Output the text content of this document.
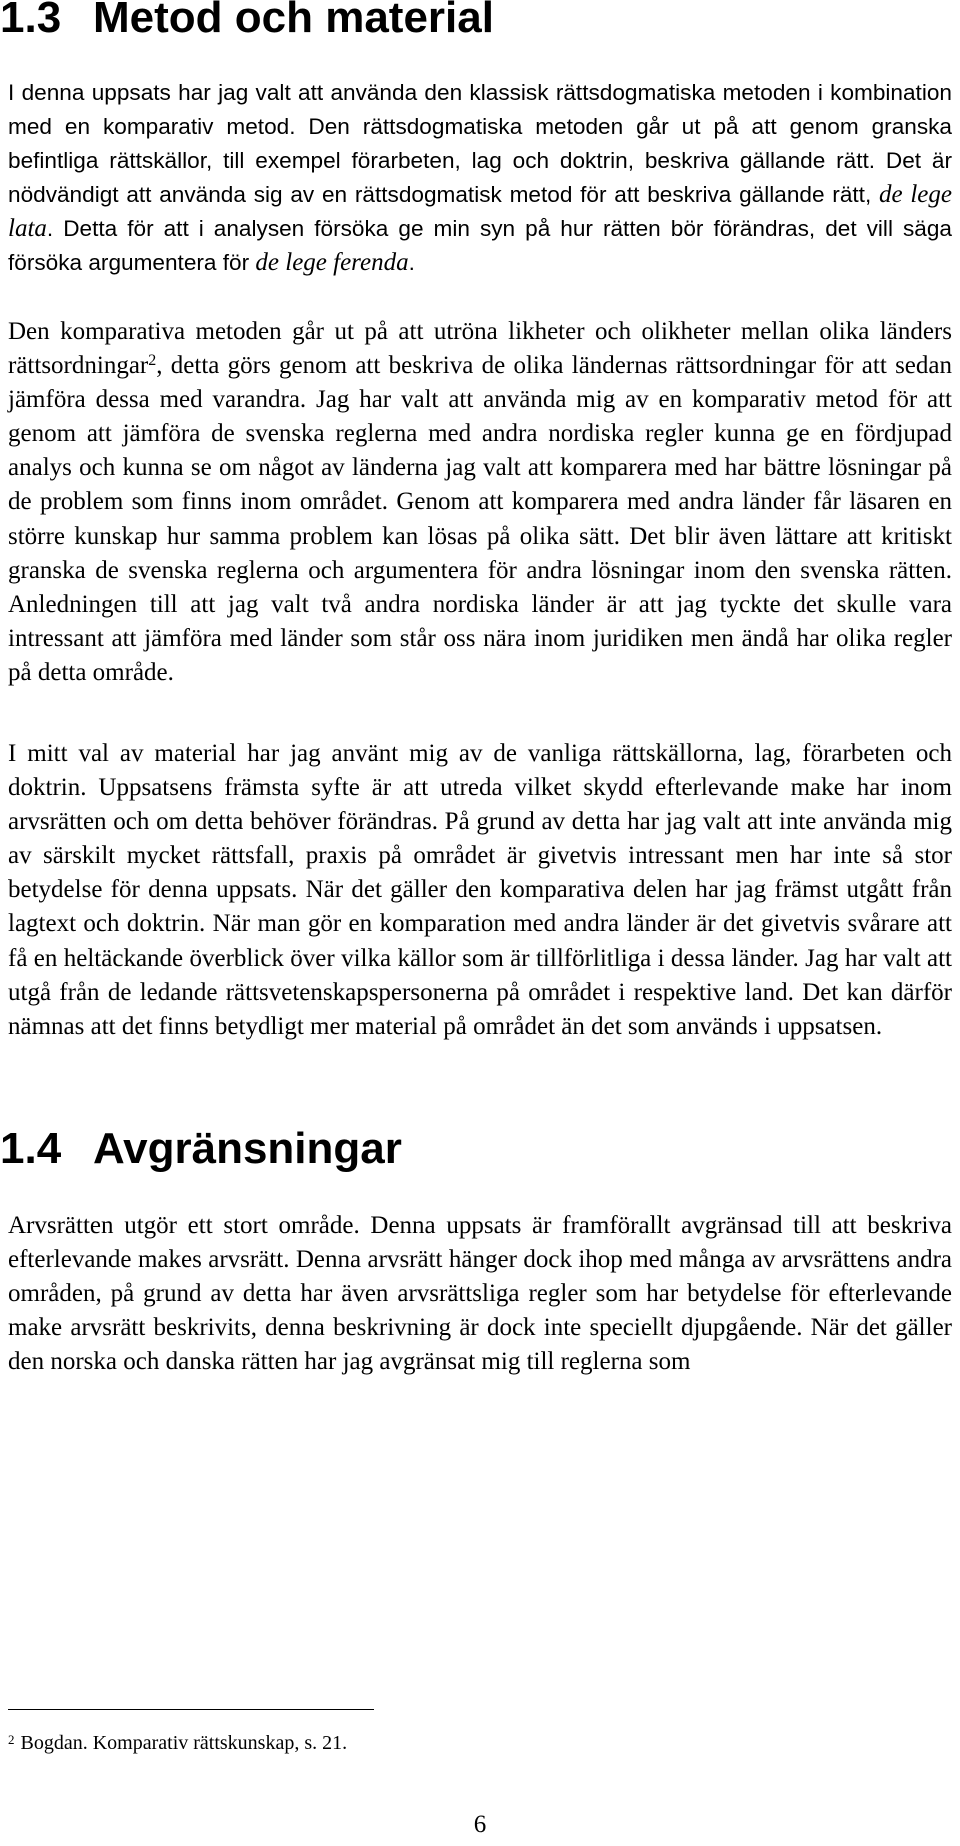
1.3 Metod och material

I denna uppsats har jag valt att använda den klassisk rättsdogmatiska metoden i kombination med en komparativ metod. Den rättsdogmatiska metoden går ut på att genom granska befintliga rättskällor, till exempel förarbeten, lag och doktrin, beskriva gällande rätt. Det är nödvändigt att använda sig av en rättsdogmatisk metod för att beskriva gällande rätt, de lege lata. Detta för att i analysen försöka ge min syn på hur rätten bör förändras, det vill säga försöka argumentera för de lege ferenda.

Den komparativa metoden går ut på att utröna likheter och olikheter mellan olika länders rättsordningar$^2$, detta görs genom att beskriva de olika ländernas rättsordningar för att sedan jämföra dessa med varandra. Jag har valt att använda mig av en komparativ metod för att genom att jämföra de svenska reglerna med andra nordiska regler kunna ge en fördjupad analys och kunna se om något av länderna jag valt att komparera med har bättre lösningar på de problem som finns inom området. Genom att komparera med andra länder får läsaren en större kunskap hur samma problem kan lösas på olika sätt. Det blir även lättare att kritiskt granska de svenska reglerna och argumentera för andra lösningar inom den svenska rätten. Anledningen till att jag valt två andra nordiska länder är att jag tyckte det skulle vara intressant att jämföra med länder som står oss nära inom juridiken men ändå har olika regler på detta område.

I mitt val av material har jag använt mig av de vanliga rättskällorna, lag, förarbeten och doktrin. Uppsatsens främsta syfte är att utreda vilket skydd efterlevande make har inom arvsrätten och om detta behöver förändras. På grund av detta har jag valt att inte använda mig av särskilt mycket rättsfall, praxis på området är givetvis intressant men har inte så stor betydelse för denna uppsats. När det gäller den komparativa delen har jag främst utgått från lagtext och doktrin. När man gör en komparation med andra länder är det givetvis svårare att få en heltäckande överblick över vilka källor som är tillförlitliga i dessa länder. Jag har valt att utgå från de ledande rättsvetenskapspersonerna på området i respektive land. Det kan därför nämnas att det finns betydligt mer material på området än det som används i uppsatsen.

1.4 Avgränsningar

Arvsrätten utgör ett stort område. Denna uppsats är framförallt avgränsad till att beskriva efterlevande makes arvsrätt. Denna arvsrätt hänger dock ihop med många av arvsrättens andra områden, på grund av detta har även arvsrättsliga regler som har betydelse för efterlevande make arvsrätt beskrivits, denna beskrivning är dock inte speciellt djupgående. När det gäller den norska och danska rätten har jag avgränsat mig till reglerna som

$^2$ Bogdan. Komparativ rättskunskap, s. 21.

6
